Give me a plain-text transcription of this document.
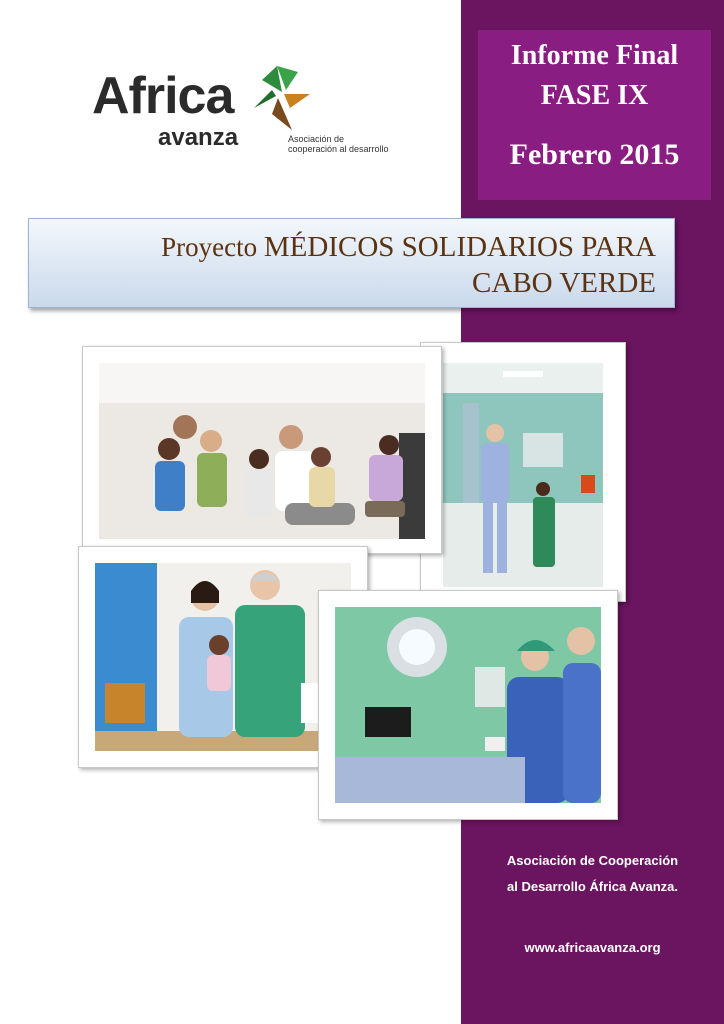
Informe Final
FASE IX
Febrero 2015
Africa
avanza	Asociación de
cooperación al desarrollo
Proyecto MÉDICOS SOLIDARIOS PARA
CABO VERDE
Asociación de Cooperación
al Desarrollo África Avanza.
www.africaavanza.org
